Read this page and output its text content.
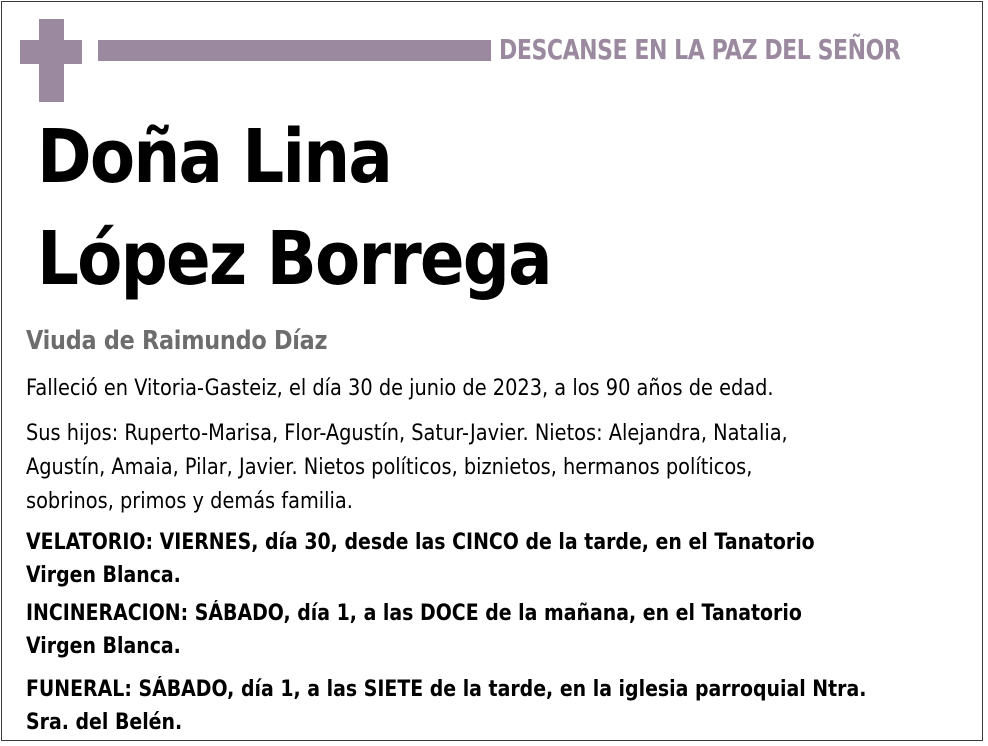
DESCANSE EN LA PAZ DEL SEÑOR
Doña Lina
López Borrega
Viuda de Raimundo Díaz
Falleció en Vitoria-Gasteiz, el día 30 de junio de 2023, a los 90 años de edad.
Sus hijos: Ruperto-Marisa, Flor-Agustín, Satur-Javier. Nietos: Alejandra, Natalia,
Agustín, Amaia, Pilar, Javier. Nietos políticos, biznietos, hermanos políticos,
sobrinos, primos y demás familia.
VELATORIO: VIERNES, día 30, desde las CINCO de la tarde, en el Tanatorio
Virgen Blanca.
INCINERACION: SÁBADO, día 1, a las DOCE de la mañana, en el Tanatorio
Virgen Blanca.
FUNERAL: SÁBADO, día 1, a las SIETE de la tarde, en la iglesia parroquial Ntra.
Sra. del Belén.
